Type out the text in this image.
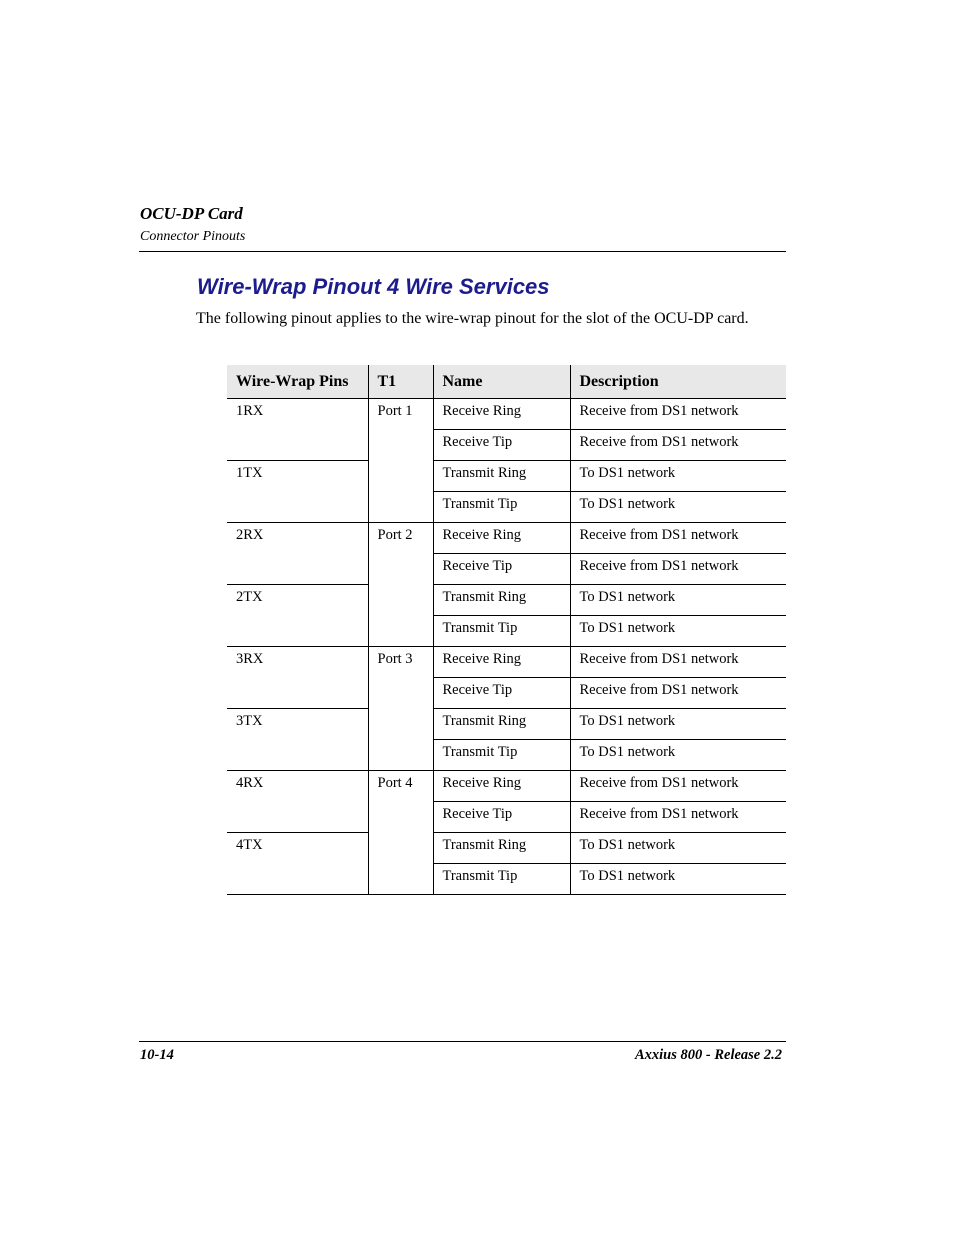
OCU-DP Card
Connector Pinouts
Wire-Wrap Pinout 4 Wire Services
The following pinout applies to the wire-wrap pinout for the slot of the OCU-DP card.
Wire-Wrap Pins	T1	Name	Description
1RX	Port 1	Receive Ring	Receive from DS1 network
		Receive Tip	Receive from DS1 network
1TX		Transmit Ring	To DS1 network
		Transmit Tip	To DS1 network
2RX	Port 2	Receive Ring	Receive from DS1 network
		Receive Tip	Receive from DS1 network
2TX		Transmit Ring	To DS1 network
		Transmit Tip	To DS1 network
3RX	Port 3	Receive Ring	Receive from DS1 network
		Receive Tip	Receive from DS1 network
3TX		Transmit Ring	To DS1 network
		Transmit Tip	To DS1 network
4RX	Port 4	Receive Ring	Receive from DS1 network
		Receive Tip	Receive from DS1 network
4TX		Transmit Ring	To DS1 network
		Transmit Tip	To DS1 network
10-14	Axxius 800 - Release 2.2
